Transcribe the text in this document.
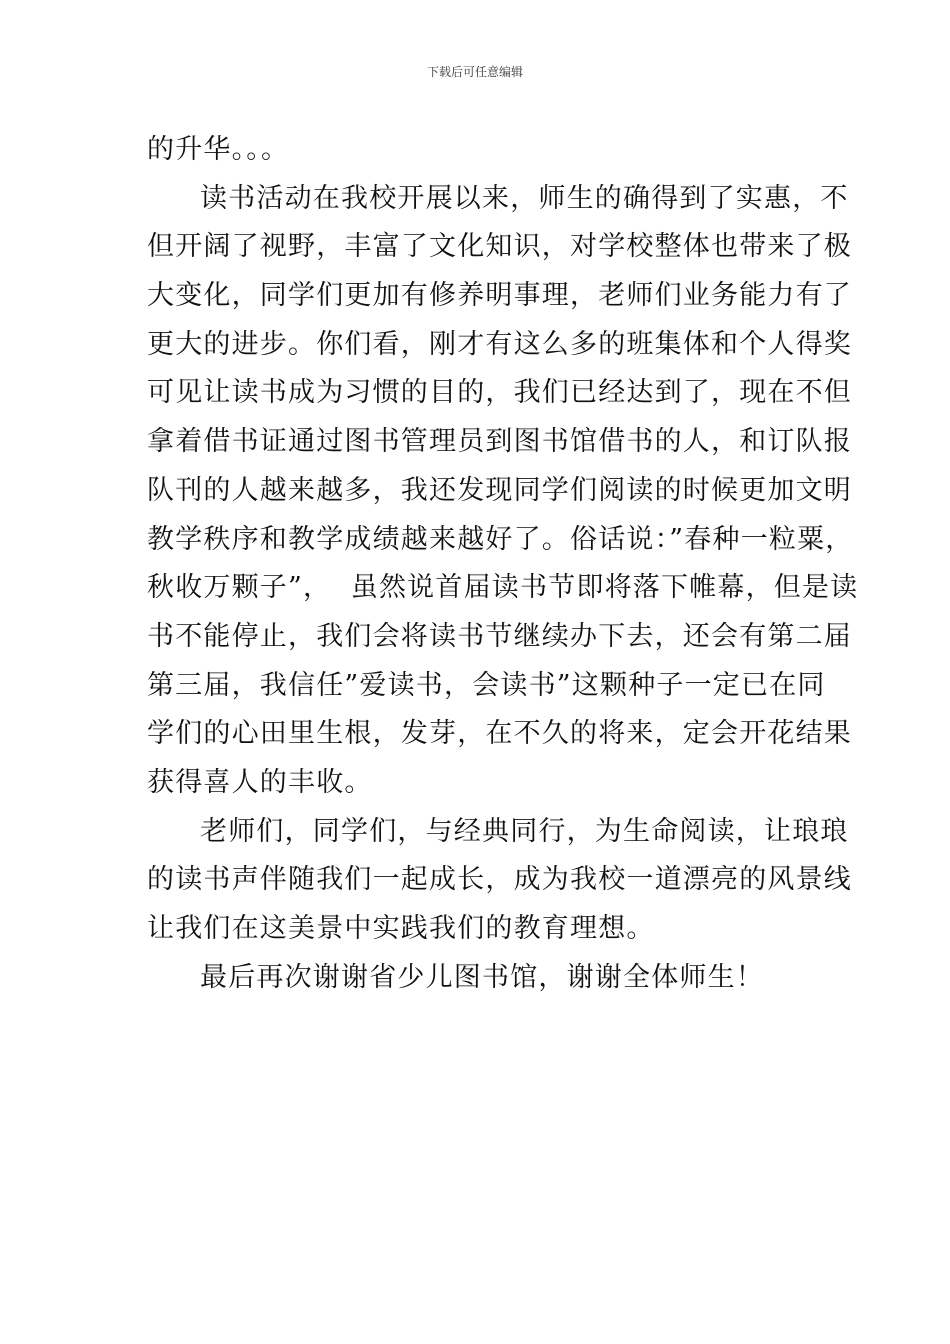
下载后可任意编辑
的升华。。。
读书活动在我校开展以来，师生的确得到了实惠，不
但开阔了视野，丰富了文化知识，对学校整体也带来了极
大变化，同学们更加有修养明事理，老师们业务能力有了
更大的进步。你们看，刚才有这么多的班集体和个人得奖
可见让读书成为习惯的目的，我们已经达到了，现在不但
拿着借书证通过图书管理员到图书馆借书的人，和订队报
队刊的人越来越多，我还发现同学们阅读的时候更加文明
教学秩序和教学成绩越来越好了。俗话说：”春种一粒粟，
秋收万颗子”，  虽然说首届读书节即将落下帷幕，但是读
书不能停止，我们会将读书节继续办下去，还会有第二届
第三届，我信任”爱读书，会读书”这颗种子一定已在同
学们的心田里生根，发芽，在不久的将来，定会开花结果
获得喜人的丰收。
老师们，同学们，与经典同行，为生命阅读，让琅琅
的读书声伴随我们一起成长，成为我校一道漂亮的风景线
让我们在这美景中实践我们的教育理想。
最后再次谢谢省少儿图书馆，谢谢全体师生！
